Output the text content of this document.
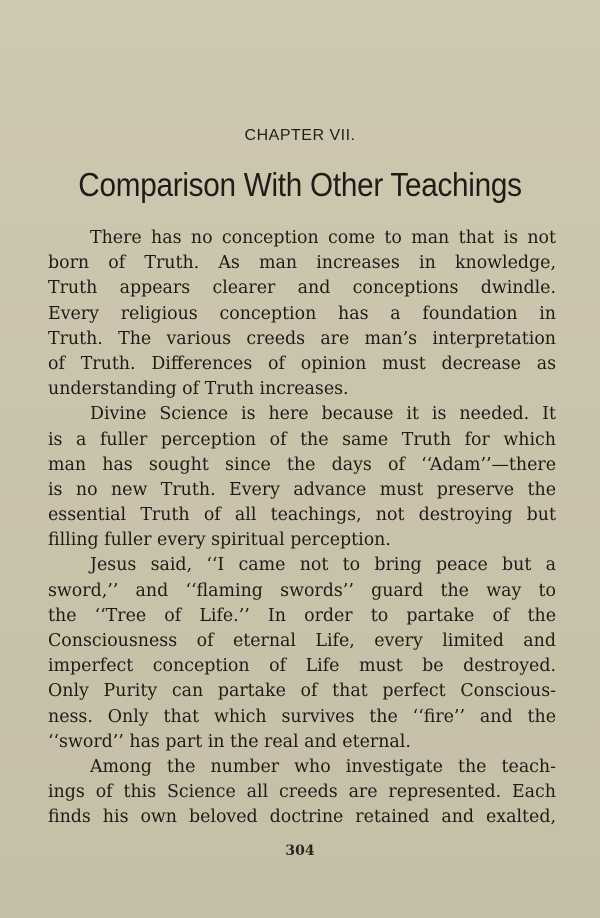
CHAPTER VII.
Comparison With Other Teachings
There has no conception come to man that is not
born of Truth. As man increases in knowledge,
Truth appears clearer and conceptions dwindle.
Every religious conception has a foundation in
Truth. The various creeds are man’s interpretation
of Truth. Differences of opinion must decrease as
understanding of Truth increases.
Divine Science is here because it is needed. It
is a fuller perception of the same Truth for which
man has sought since the days of ‘‘Adam’’—there
is no new Truth. Every advance must preserve the
essential Truth of all teachings, not destroying but
filling fuller every spiritual perception.
Jesus said, ‘‘I came not to bring peace but a
sword,’’ and ‘‘flaming swords’’ guard the way to
the ‘‘Tree of Life.’’ In order to partake of the
Consciousness of eternal Life, every limited and
imperfect conception of Life must be destroyed.
Only Purity can partake of that perfect Conscious-
ness. Only that which survives the ‘‘fire’’ and the
‘‘sword’’ has part in the real and eternal.
Among the number who investigate the teach-
ings of this Science all creeds are represented. Each
finds his own beloved doctrine retained and exalted,
304
